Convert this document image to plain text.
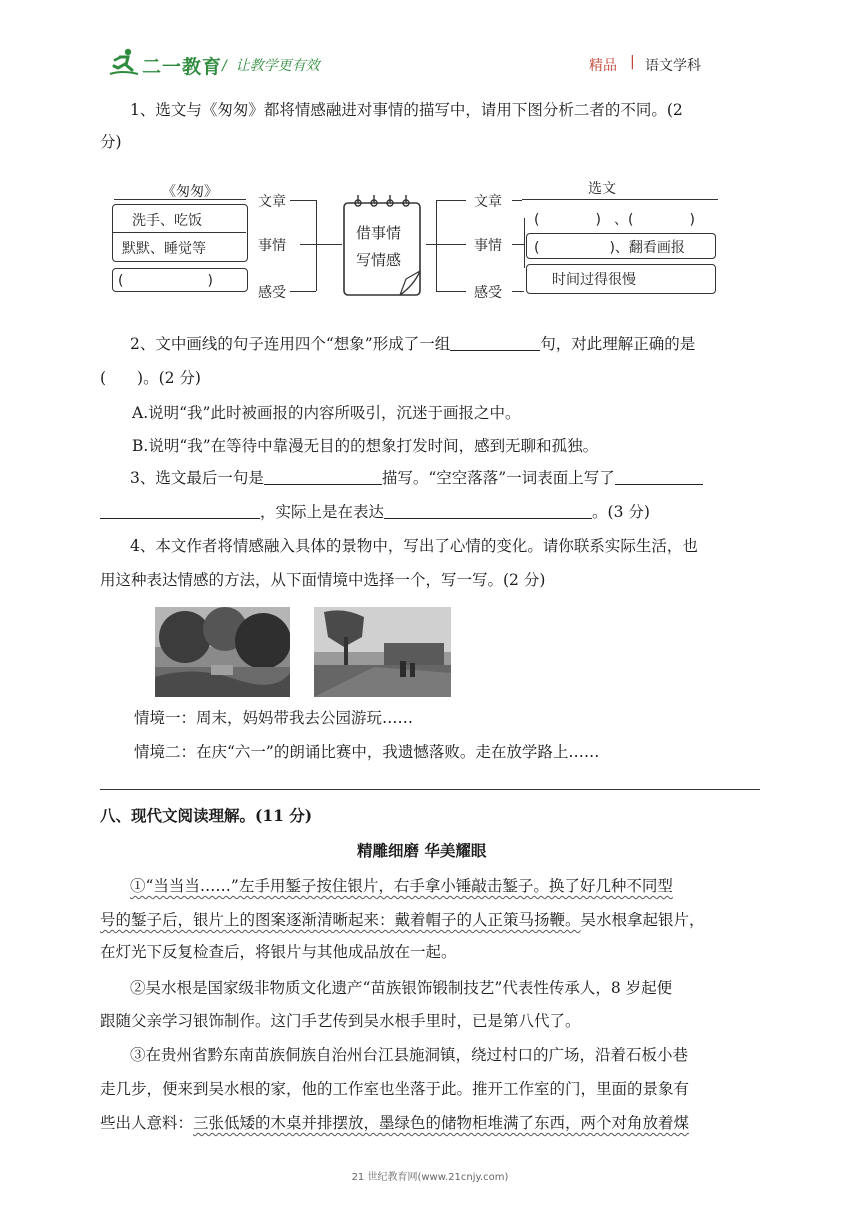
二一教育 /  让教学更有效	精品 | 语文学科
1、选文与《匆匆》都将情感融进对事情的描写中，请用下图分析二者的不同。(2
分)
《匆匆》
洗手、吃饭
默默、睡觉等
(　　　　　　)
文章
事情
感受
借事情
写情感
文章
事情
感受
选文
(　　　　) 、(　　　　)
(　　　　　)、翻看画报
时间过得很慢
2、文中画线的句子连用四个“想象”形成了一组	句，对此理解正确的是
(　　)。(2 分)
A.说明“我”此时被画报的内容所吸引，沉迷于画报之中。
B.说明“我”在等待中靠漫无目的的想象打发时间，感到无聊和孤独。
3、选文最后一句是	描写。“空空落落”一词表面上写了
，实际上是在表达	。(3 分)
4、本文作者将情感融入具体的景物中，写出了心情的变化。请你联系实际生活，也
用这种表达情感的方法，从下面情境中选择一个，写一写。(2 分)
情境一：周末，妈妈带我去公园游玩……
情境二：在庆“六一”的朗诵比赛中，我遗憾落败。走在放学路上……
八、现代文阅读理解。(11 分)
精雕细磨 华美耀眼
①“当当当……”左手用錾子按住银片，右手拿小锤敲击錾子。换了好几种不同型
号的錾子后，银片上的图案逐渐清晰起来：戴着帽子的人正策马扬鞭。吴水根拿起银片，
在灯光下反复检查后，将银片与其他成品放在一起。
②吴水根是国家级非物质文化遗产“苗族银饰锻制技艺”代表性传承人，8 岁起便
跟随父亲学习银饰制作。这门手艺传到吴水根手里时，已是第八代了。
③在贵州省黔东南苗族侗族自治州台江县施洞镇，绕过村口的广场，沿着石板小巷
走几步，便来到吴水根的家，他的工作室也坐落于此。推开工作室的门，里面的景象有
些出人意料：三张低矮的木桌并排摆放，墨绿色的储物柜堆满了东西，两个对角放着煤
21 世纪教育网(www.21cnjy.com)
